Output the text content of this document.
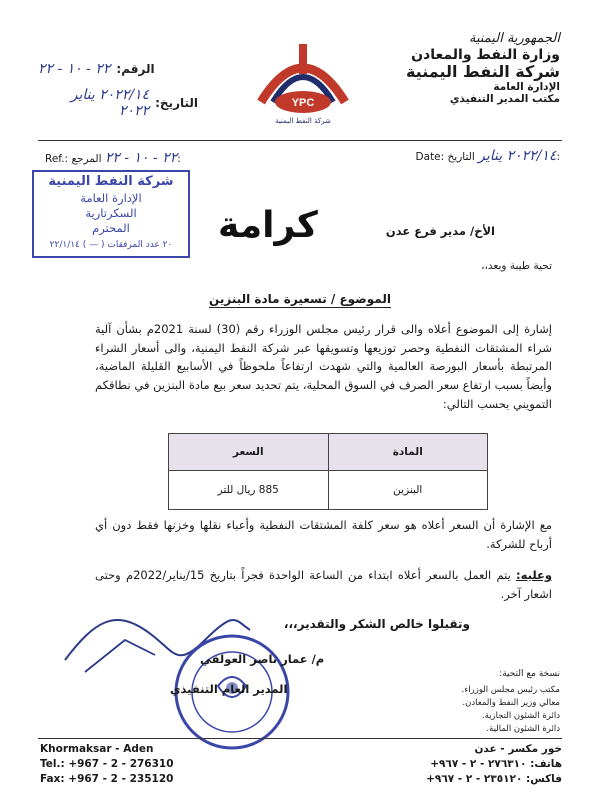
الجمهورية اليمنية
وزارة النفط والمعادن
شركة النفط اليمنية
الإدارة العامة
مكتب المدير التنفيذي
YPC
شركة النفط اليمنية
الرقم:
٢٢ - ١٠ - ٢٢
التاريخ:
٢٠٢٢/١٤ يناير ٢٠٢٢
Ref.:	٢٢ - ١٠ - ٢٢ المرجع:	Date: ٢٠٢٢/١٤ يناير التاريخ:
شركة النفط اليمنية
الإدارة العامة
السكرتارية
المحترم
٢٠ عدد المرفقات ( — ) ٢٢/١/١٤	كرامة	الأخ/ مدير فرع عدن
تحية طيبة وبعد،،
الموضوع / تسعيرة مادة البنزين
إشارة إلى الموضوع أعلاه والى قرار رئيس مجلس الوزراء رقم (30) لسنة 2021م بشأن آلية شراء المشتقات النفطية وحصر توزيعها وتسويقها عبر شركة النفط اليمنية، والى أسعار الشراء المرتبطة بأسعار البورصة العالمية والتي شهدت ارتفاعاً ملحوظاً في الأسابيع القليلة الماضية، وأيضاً بسبب ارتفاع سعر الصرف في السوق المحلية، يتم تحديد سعر بيع مادة البنزين في نطاقكم التمويني بحسب التالي:
المادة	السعر
البنزين	885 ريال للتر
مع الإشارة أن السعر أعلاه هو سعر كلفة المشتقات النفطية وأعباء نقلها وخزنها فقط دون أي أرباح للشركة.
وعليه: يتم العمل بالسعر أعلاه ابتداء من الساعة الواحدة فجراً بتاريخ 15/يناير/2022م وحتى اشعار آخر.
وتقبلوا خالص الشكر والتقدير،،،
م/ عمار ناصر العولقي
المدير العام التنفيذي
نسخة مع التحية:
مكتب رئيس مجلس الوزراء.
معالي وزير النفط والمعادن.
دائرة الشئون التجارية.
دائرة الشئون المالية.
Khormaksar - Aden
Tel.: +967 - 2 - 276310
Fax: +967 - 2 - 235120
خور مكسر - عدن
هاتف: ٢٧٦٣١٠ - ٢ - ٩٦٧+
فاكس: ٢٣٥١٢٠ - ٢ - ٩٦٧+
